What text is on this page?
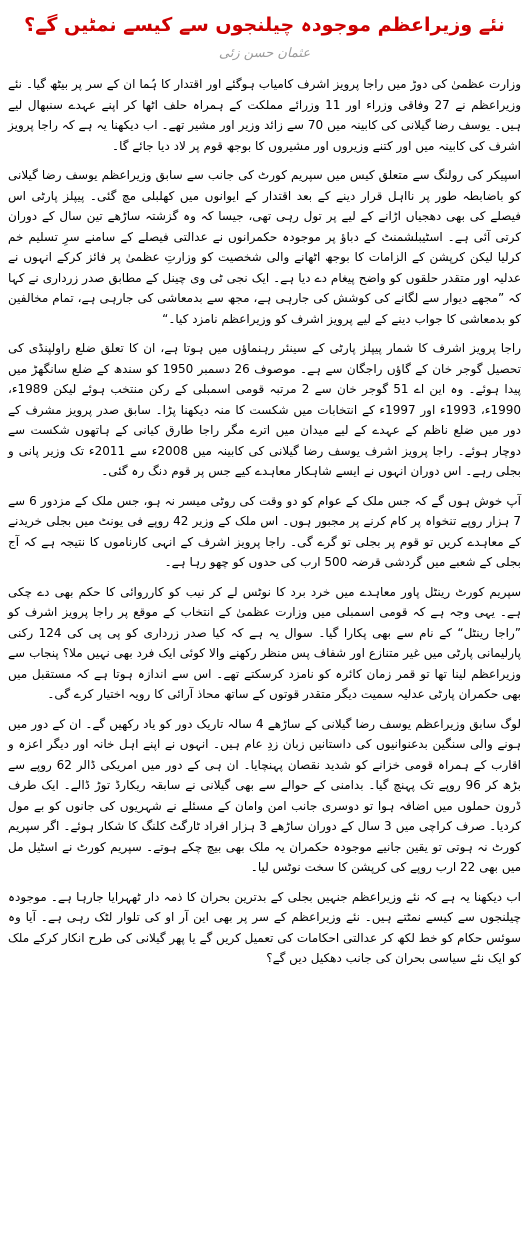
نئے وزیراعظم موجودہ چیلنجوں سے کیسے نمٹیں گے؟
عثمان حسن زئی

وزارت عظمیٰ کی دوڑ میں راجا پرویز اشرف کامیاب ہوگئے اور اقتدار کا ہُما ان کے سر پر بیٹھ گیا۔ نئے وزیراعظم نے 27 وفاقی وزراء اور 11 وزرائے مملکت کے ہمراہ حلف اٹھا کر اپنے عہدے سنبھال لیے ہیں۔ یوسف رضا گیلانی کی کابینہ میں 70 سے زائد وزیر اور مشیر تھے۔ اب دیکھنا یہ ہے کہ راجا پرویز اشرف کی کابینہ میں اور کتنے وزیروں اور مشیروں کا بوجھ قوم پر لاد دیا جائے گا۔

اسپیکر کی رولنگ سے متعلق کیس میں سپریم کورٹ کی جانب سے سابق وزیراعظم یوسف رضا گیلانی کو باضابطہ طور پر نااہل قرار دینے کے بعد اقتدار کے ایوانوں میں کھلبلی مچ گئی۔ پیپلز پارٹی اس فیصلے کی بھی دھجیاں اڑانے کے لیے پر تول رہی تھی، جیسا کہ وہ گزشتہ ساڑھے تین سال کے دوران کرتی آئی ہے۔ اسٹیبلشمنٹ کے دباؤ پر موجودہ حکمرانوں نے عدالتی فیصلے کے سامنے سرِ تسلیم خم کرلیا لیکن کرپشن کے الزامات کا بوجھ اٹھانے والی شخصیت کو وزارتِ عظمیٰ پر فائز کرکے انہوں نے عدلیہ اور متقدر حلقوں کو واضح پیغام دے دیا ہے۔ ایک نجی ٹی وی چینل کے مطابق صدر زرداری نے کہا کہ ”مجھے دیوار سے لگانے کی کوشش کی جارہی ہے، مجھ سے بدمعاشی کی جارہی ہے، تمام مخالفین کو بدمعاشی کا جواب دینے کے لیے پرویز اشرف کو وزیراعظم نامزد کیا۔“

راجا پرویز اشرف کا شمار پیپلز پارٹی کے سینئر رہنماؤں میں ہوتا ہے، ان کا تعلق ضلع راولپنڈی کی تحصیل گوجر خان کے گاؤں راجگان سے ہے۔ موصوف 26 دسمبر 1950 کو سندھ کے ضلع سانگھڑ میں پیدا ہوئے۔ وہ این اے 51 گوجر خان سے 2 مرتبہ قومی اسمبلی کے رکن منتخب ہوئے لیکن 1989ء، 1990ء، 1993ء اور 1997ء کے انتخابات میں شکست کا منہ دیکھنا پڑا۔ سابق صدر پرویز مشرف کے دور میں ضلع ناظم کے عہدے کے لیے میدان میں اترے مگر راجا طارق کیانی کے ہاتھوں شکست سے دوچار ہوئے۔ راجا پرویز اشرف یوسف رضا گیلانی کی کابینہ میں 2008ء سے 2011ء تک وزیر پانی و بجلی رہے۔ اس دوران انہوں نے ایسے شاہکار معاہدے کیے جس پر قوم دنگ رہ گئی۔

آپ خوش ہوں گے کہ جس ملک کے عوام کو دو وقت کی روٹی میسر نہ ہو، جس ملک کے مزدور 6 سے 7 ہزار روپے تنخواہ پر کام کرنے پر مجبور ہوں۔ اس ملک کے وزیر 42 روپے فی یونٹ میں بجلی خریدنے کے معاہدے کریں تو قوم پر بجلی تو گرے گی۔ راجا پرویز اشرف کے انہی کارناموں کا نتیجہ ہے کہ آج بجلی کے شعبے میں گردشی قرضہ 500 ارب کی حدوں کو چھو رہا ہے۔

سپریم کورٹ رینٹل پاور معاہدے میں خرد برد کا نوٹس لے کر نیب کو کارروائی کا حکم بھی دے چکی ہے۔ یہی وجہ ہے کہ قومی اسمبلی میں وزارت عظمیٰ کے انتخاب کے موقع پر راجا پرویز اشرف کو ”راجا رینٹل“ کے نام سے بھی پکارا گیا۔ سوال یہ ہے کہ کیا صدر زرداری کو پی پی کی 124 رکنی پارلیمانی پارٹی میں غیر متنازع اور شفاف پس منظر رکھنے والا کوئی ایک فرد بھی نہیں ملا؟ پنجاب سے وزیراعظم لینا تھا تو قمر زمان کائرہ کو نامزد کرسکتے تھے۔ اس سے اندازہ ہوتا ہے کہ مستقبل میں بھی حکمران پارٹی عدلیہ سمیت دیگر متقدر قوتوں کے ساتھ محاذ آرائی کا رویہ اختیار کرے گی۔

لوگ سابق وزیراعظم یوسف رضا گیلانی کے ساڑھے 4 سالہ تاریک دور کو یاد رکھیں گے۔ ان کے دور میں ہونے والی سنگین بدعنوانیوں کی داستانیں زبان زدِ عام ہیں۔ انہوں نے اپنے اہل خانہ اور دیگر اعزہ و اقارب کے ہمراہ قومی خزانے کو شدید نقصان پہنچایا۔ ان ہی کے دور میں امریکی ڈالر 62 روپے سے بڑھ کر 96 روپے تک پہنچ گیا۔ بدامنی کے حوالے سے بھی گیلانی نے سابقہ ریکارڈ توڑ ڈالے۔ ایک طرف ڈرون حملوں میں اضافہ ہوا تو دوسری جانب امن وامان کے مسئلے نے شہریوں کی جانوں کو بے مول کردیا۔ صرف کراچی میں 3 سال کے دوران ساڑھے 3 ہزار افراد ٹارگٹ کلنگ کا شکار ہوئے۔ اگر سپریم کورٹ نہ ہوتی تو یقین جانیے موجودہ حکمران یہ ملک بھی بیچ چکے ہوتے۔ سپریم کورٹ نے اسٹیل مل میں بھی 22 ارب روپے کی کرپشن کا سخت نوٹس لیا۔

اب دیکھنا یہ ہے کہ نئے وزیراعظم جنہیں بجلی کے بدترین بحران کا ذمہ دار ٹھہرایا جارہا ہے۔ موجودہ چیلنجوں سے کیسے نمٹتے ہیں۔ نئے وزیراعظم کے سر پر بھی این آر او کی تلوار لٹک رہی ہے۔ آیا وہ سوئس حکام کو خط لکھ کر عدالتی احکامات کی تعمیل کریں گے یا پھر گیلانی کی طرح انکار کرکے ملک کو ایک نئے سیاسی بحران کی جانب دھکیل دیں گے؟
